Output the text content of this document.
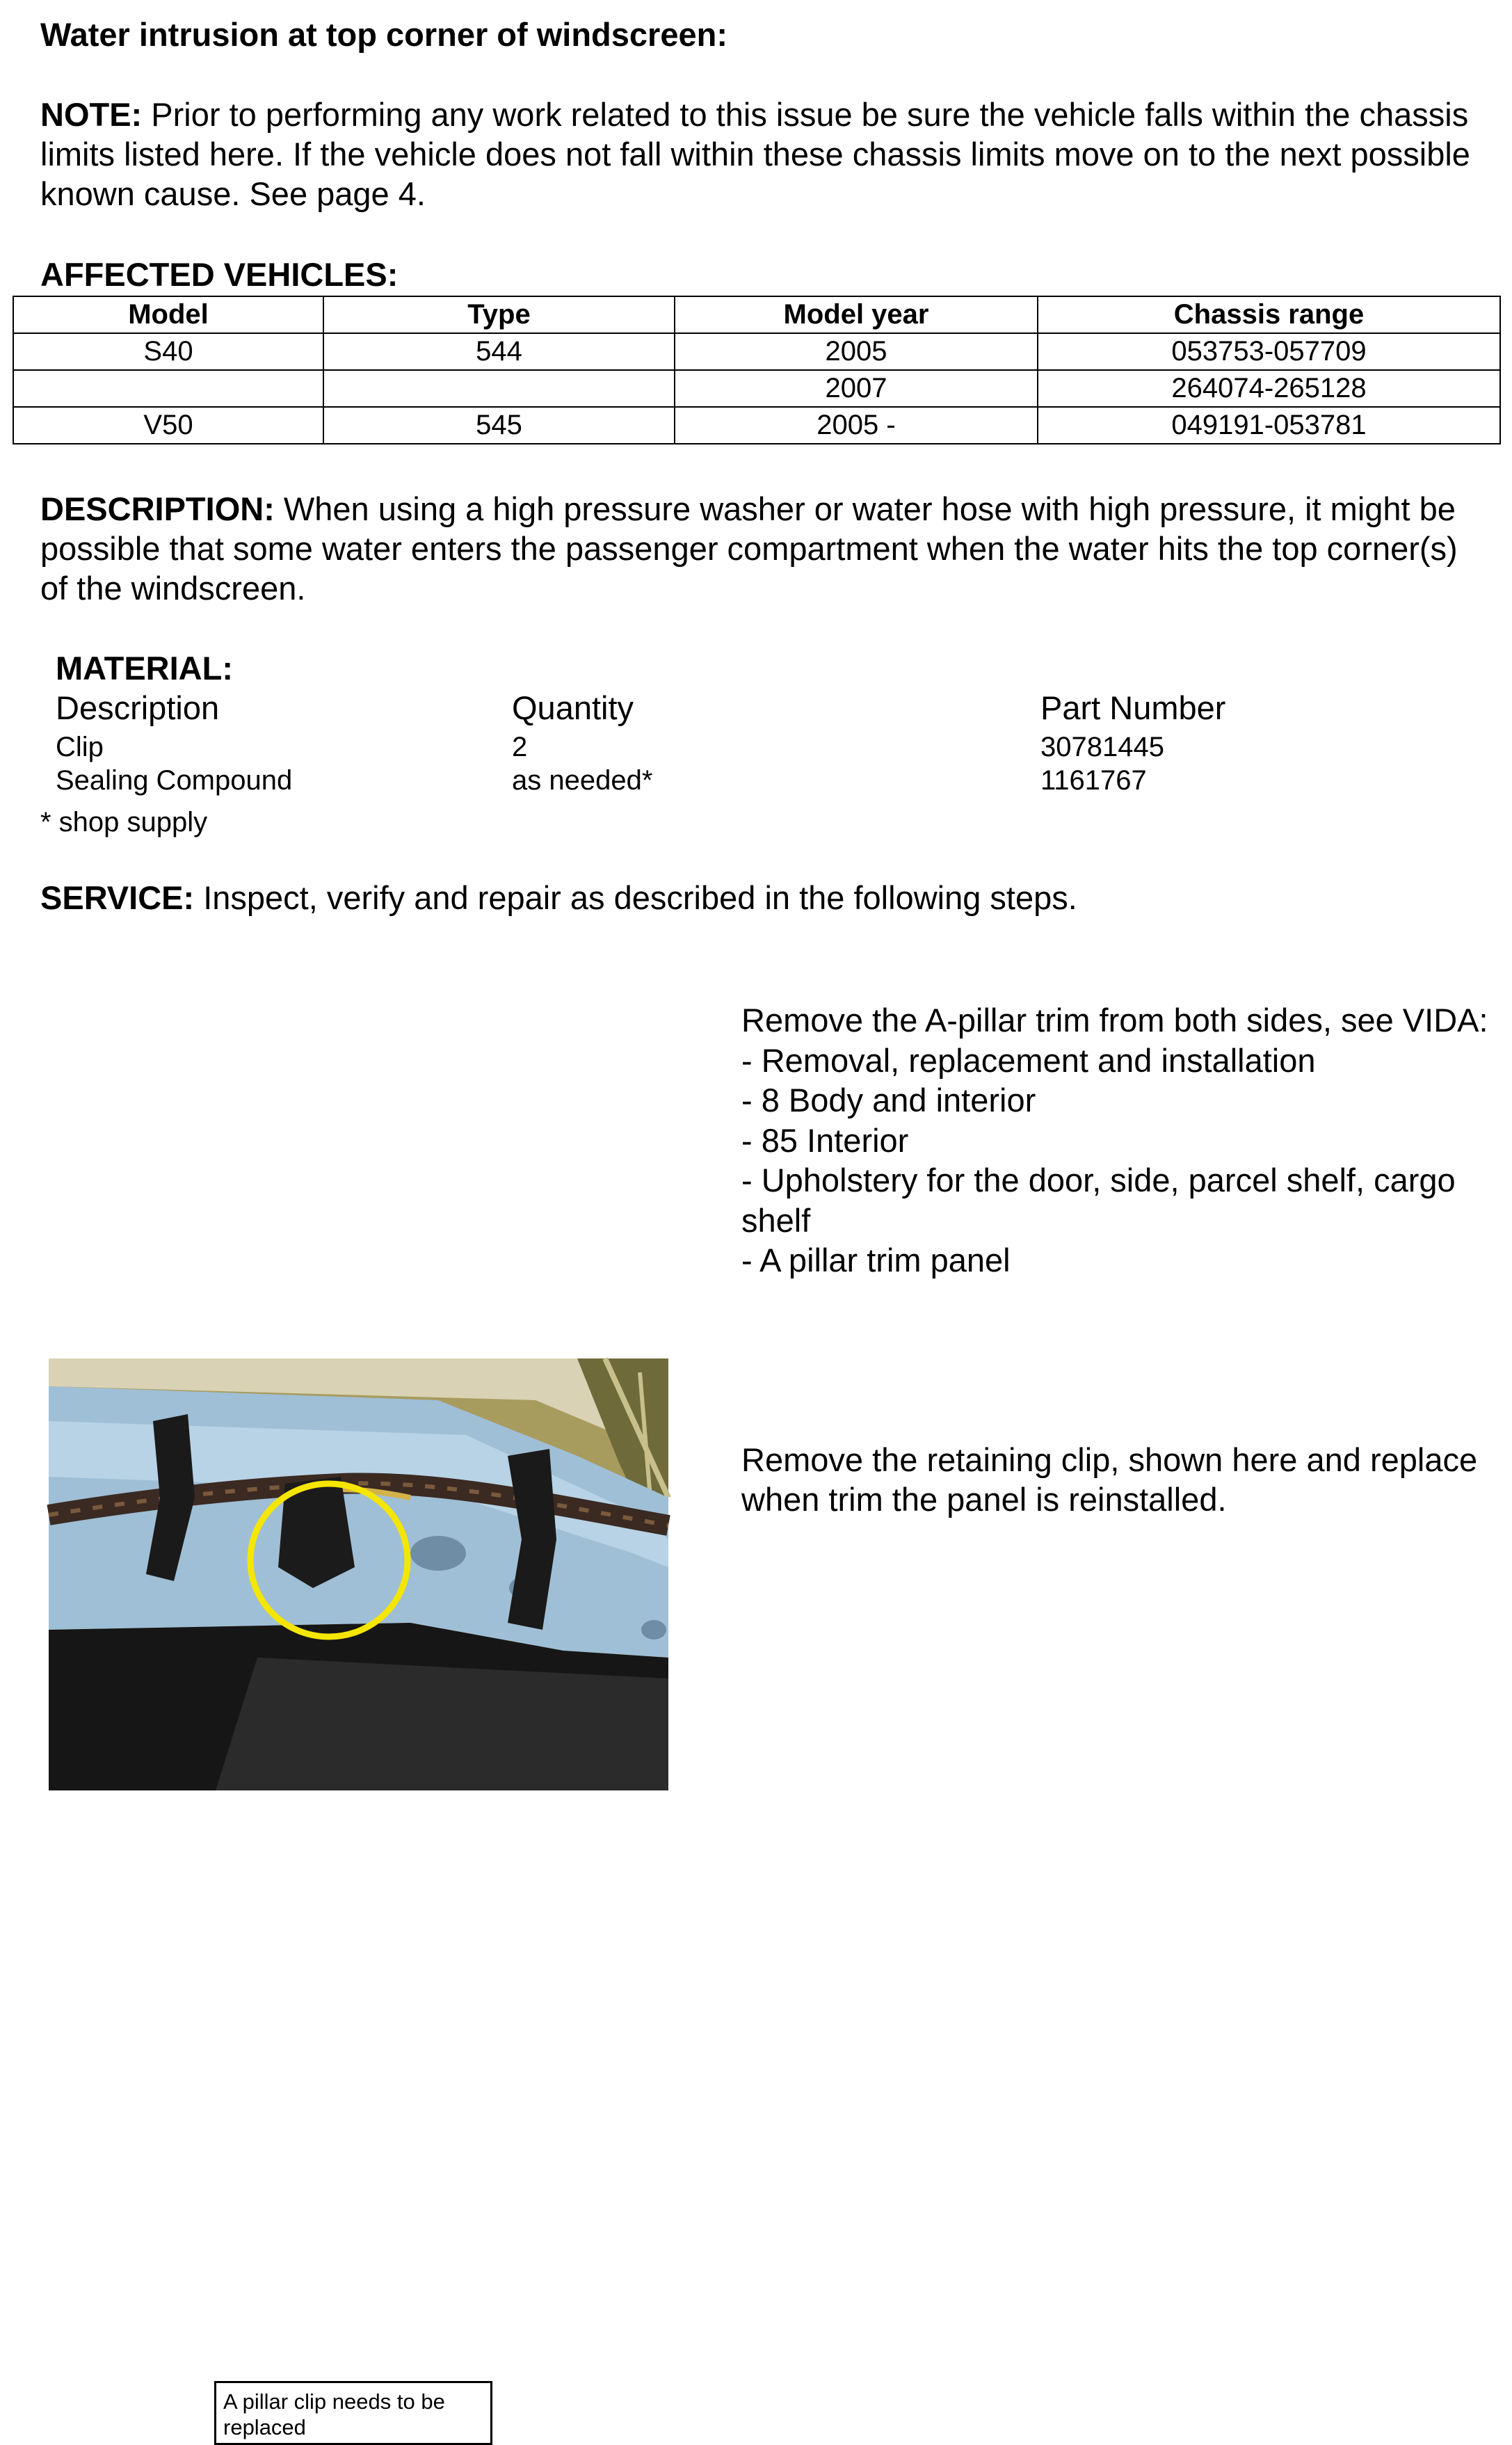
Water intrusion at top corner of windscreen:
NOTE: Prior to performing any work related to this issue be sure the vehicle falls within the chassis limits listed here. If the vehicle does not fall within these chassis limits move on to the next possible known cause. See page 4.
AFFECTED VEHICLES:
Model	Type	Model year	Chassis range
S40	544	2005	053753-057709
		2007	264074-265128
V50	545	2005 -	049191-053781
DESCRIPTION: When using a high pressure washer or water hose with high pressure, it might be possible that some water enters the passenger compartment when the water hits the top corner(s) of the windscreen.
MATERIAL:
Description	Quantity	Part Number
Clip	2	30781445
Sealing Compound	as needed*	1161767
* shop supply
SERVICE: Inspect, verify and repair as described in the following steps.
Remove the A-pillar trim from both sides, see VIDA:
- Removal, replacement and installation
- 8 Body and interior
- 85 Interior
- Upholstery for the door, side, parcel shelf, cargo shelf
- A pillar trim panel
A pillar clip needs to be replaced
Remove the retaining clip, shown here and replace when trim the panel is reinstalled.
